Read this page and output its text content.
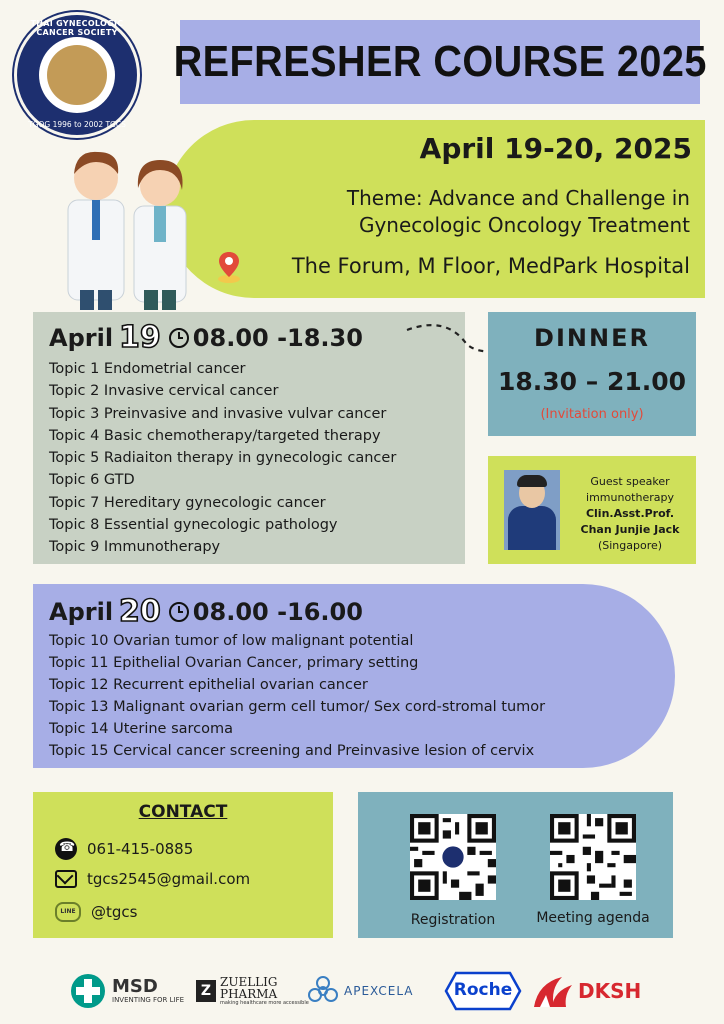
THAI GYNECOLOGIC CANCER SOCIETY
TGOG 1996 to 2002 TGCS
REFRESHER COURSE 2025
April 19-20, 2025
Theme: Advance and Challenge in
Gynecologic Oncology Treatment
The Forum, M Floor, MedPark Hospital
April 19 08.00 -18.30
Topic 1 Endometrial cancer
Topic 2 Invasive cervical cancer
Topic 3 Preinvasive and invasive vulvar cancer
Topic 4 Basic chemotherapy/targeted therapy
Topic 5 Radiaiton therapy in gynecologic cancer
Topic 6 GTD
Topic 7 Hereditary gynecologic cancer
Topic 8 Essential gynecologic pathology
Topic 9 Immunotherapy
DINNER
18.30 – 21.00
(Invitation only)
Guest speaker
immunotherapy
Clin.Asst.Prof.
Chan Junjie Jack
(Singapore)
April 20 08.00 -16.00
Topic 10 Ovarian tumor of low malignant potential
Topic 11 Epithelial Ovarian Cancer, primary setting
Topic 12 Recurrent epithelial ovarian cancer
Topic 13 Malignant ovarian germ cell tumor/ Sex cord-stromal tumor
Topic 14 Uterine sarcoma
Topic 15 Cervical cancer screening and Preinvasive lesion of cervix
CONTACT
☎
061-415-0885
tgcs2545@gmail.com
LINE	@tgcs	Registration	Meeting agenda
MSD
INVENTING FOR LIFE
Z
ZUELLIG
PHARMA
making healthcare more accessible
APEXCELA	Roche	DKSH
